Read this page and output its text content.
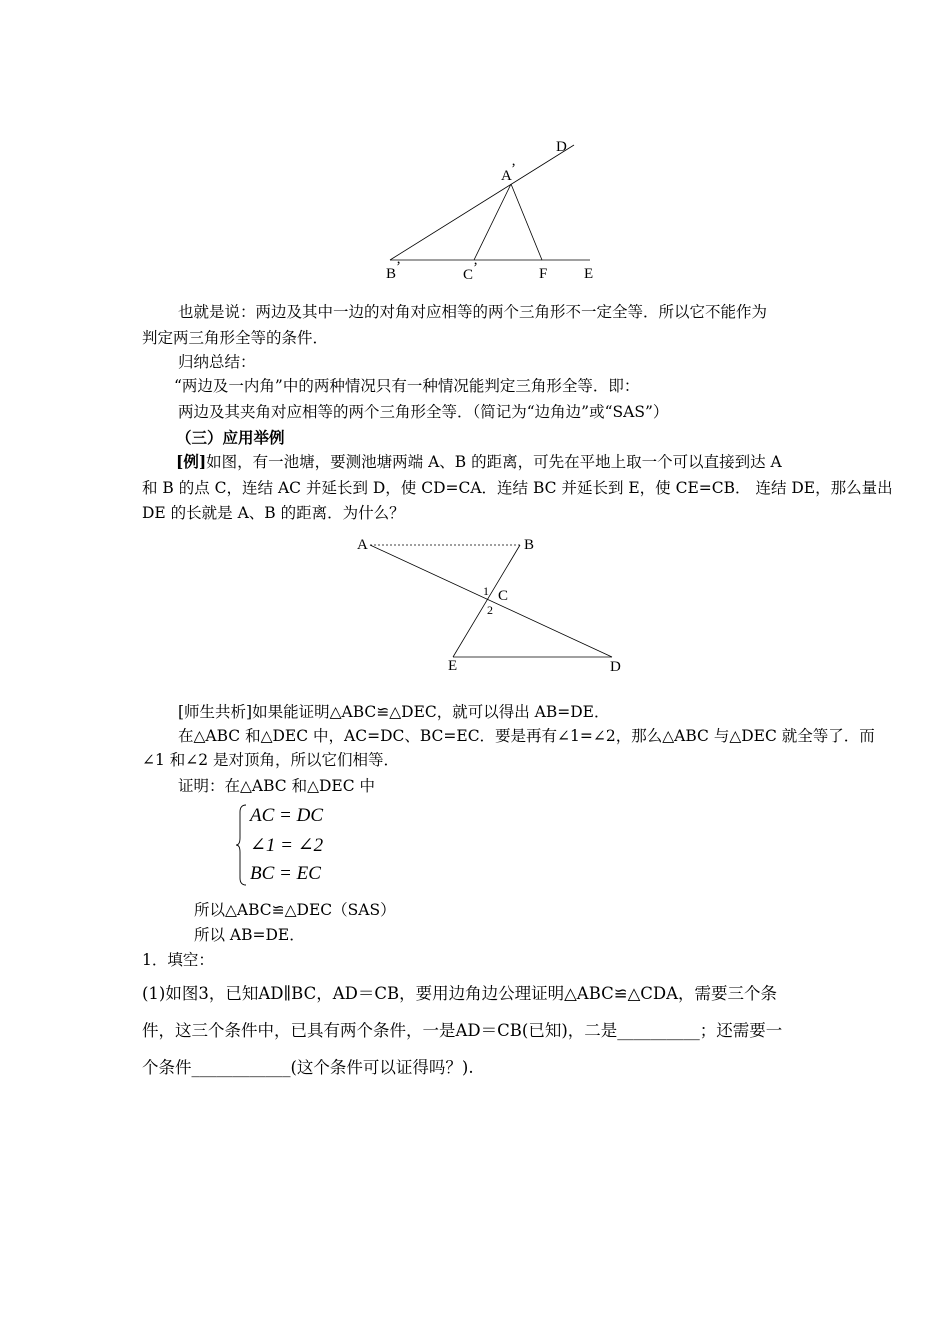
D
A ’
B ’	C ’	F E
也就是说：两边及其中一边的对角对应相等的两个三角形不一定全等．所以它不能作为
判定两三角形全等的条件．
归纳总结：
“两边及一内角”中的两种情况只有一种情况能判定三角形全等．即：
两边及其夹角对应相等的两个三角形全等．（简记为“边角边”或“SAS”）
（三）应用举例
[例]如图，有一池塘，要测池塘两端 A、B 的距离，可先在平地上取一个可以直接到达 A
和 B 的点 C，连结 AC 并延长到 D，使 CD=CA．连结 BC 并延长到 E，使 CE=CB． 连结 DE，那么量出
DE 的长就是 A、B 的距离．为什么？
A	B
1 C
2
E	D
[师生共析]如果能证明△ABC≌△DEC，就可以得出 AB=DE．
在△ABC 和△DEC 中，AC=DC、BC=EC．要是再有∠1=∠2，那么△ABC 与△DEC 就全等了．而
∠1 和∠2 是对顶角，所以它们相等．
证明：在△ABC 和△DEC 中
AC = DC
∠1 = ∠2
BC = EC
所以△ABC≌△DEC（SAS）
所以 AB=DE．
1．填空：
(1)如图3，已知AD∥BC，AD＝CB，要用边角边公理证明△ABC≌△CDA，需要三个条
件，这三个条件中，已具有两个条件，一是AD＝CB(已知)，二是__________；还需要一
个条件____________(这个条件可以证得吗？).
